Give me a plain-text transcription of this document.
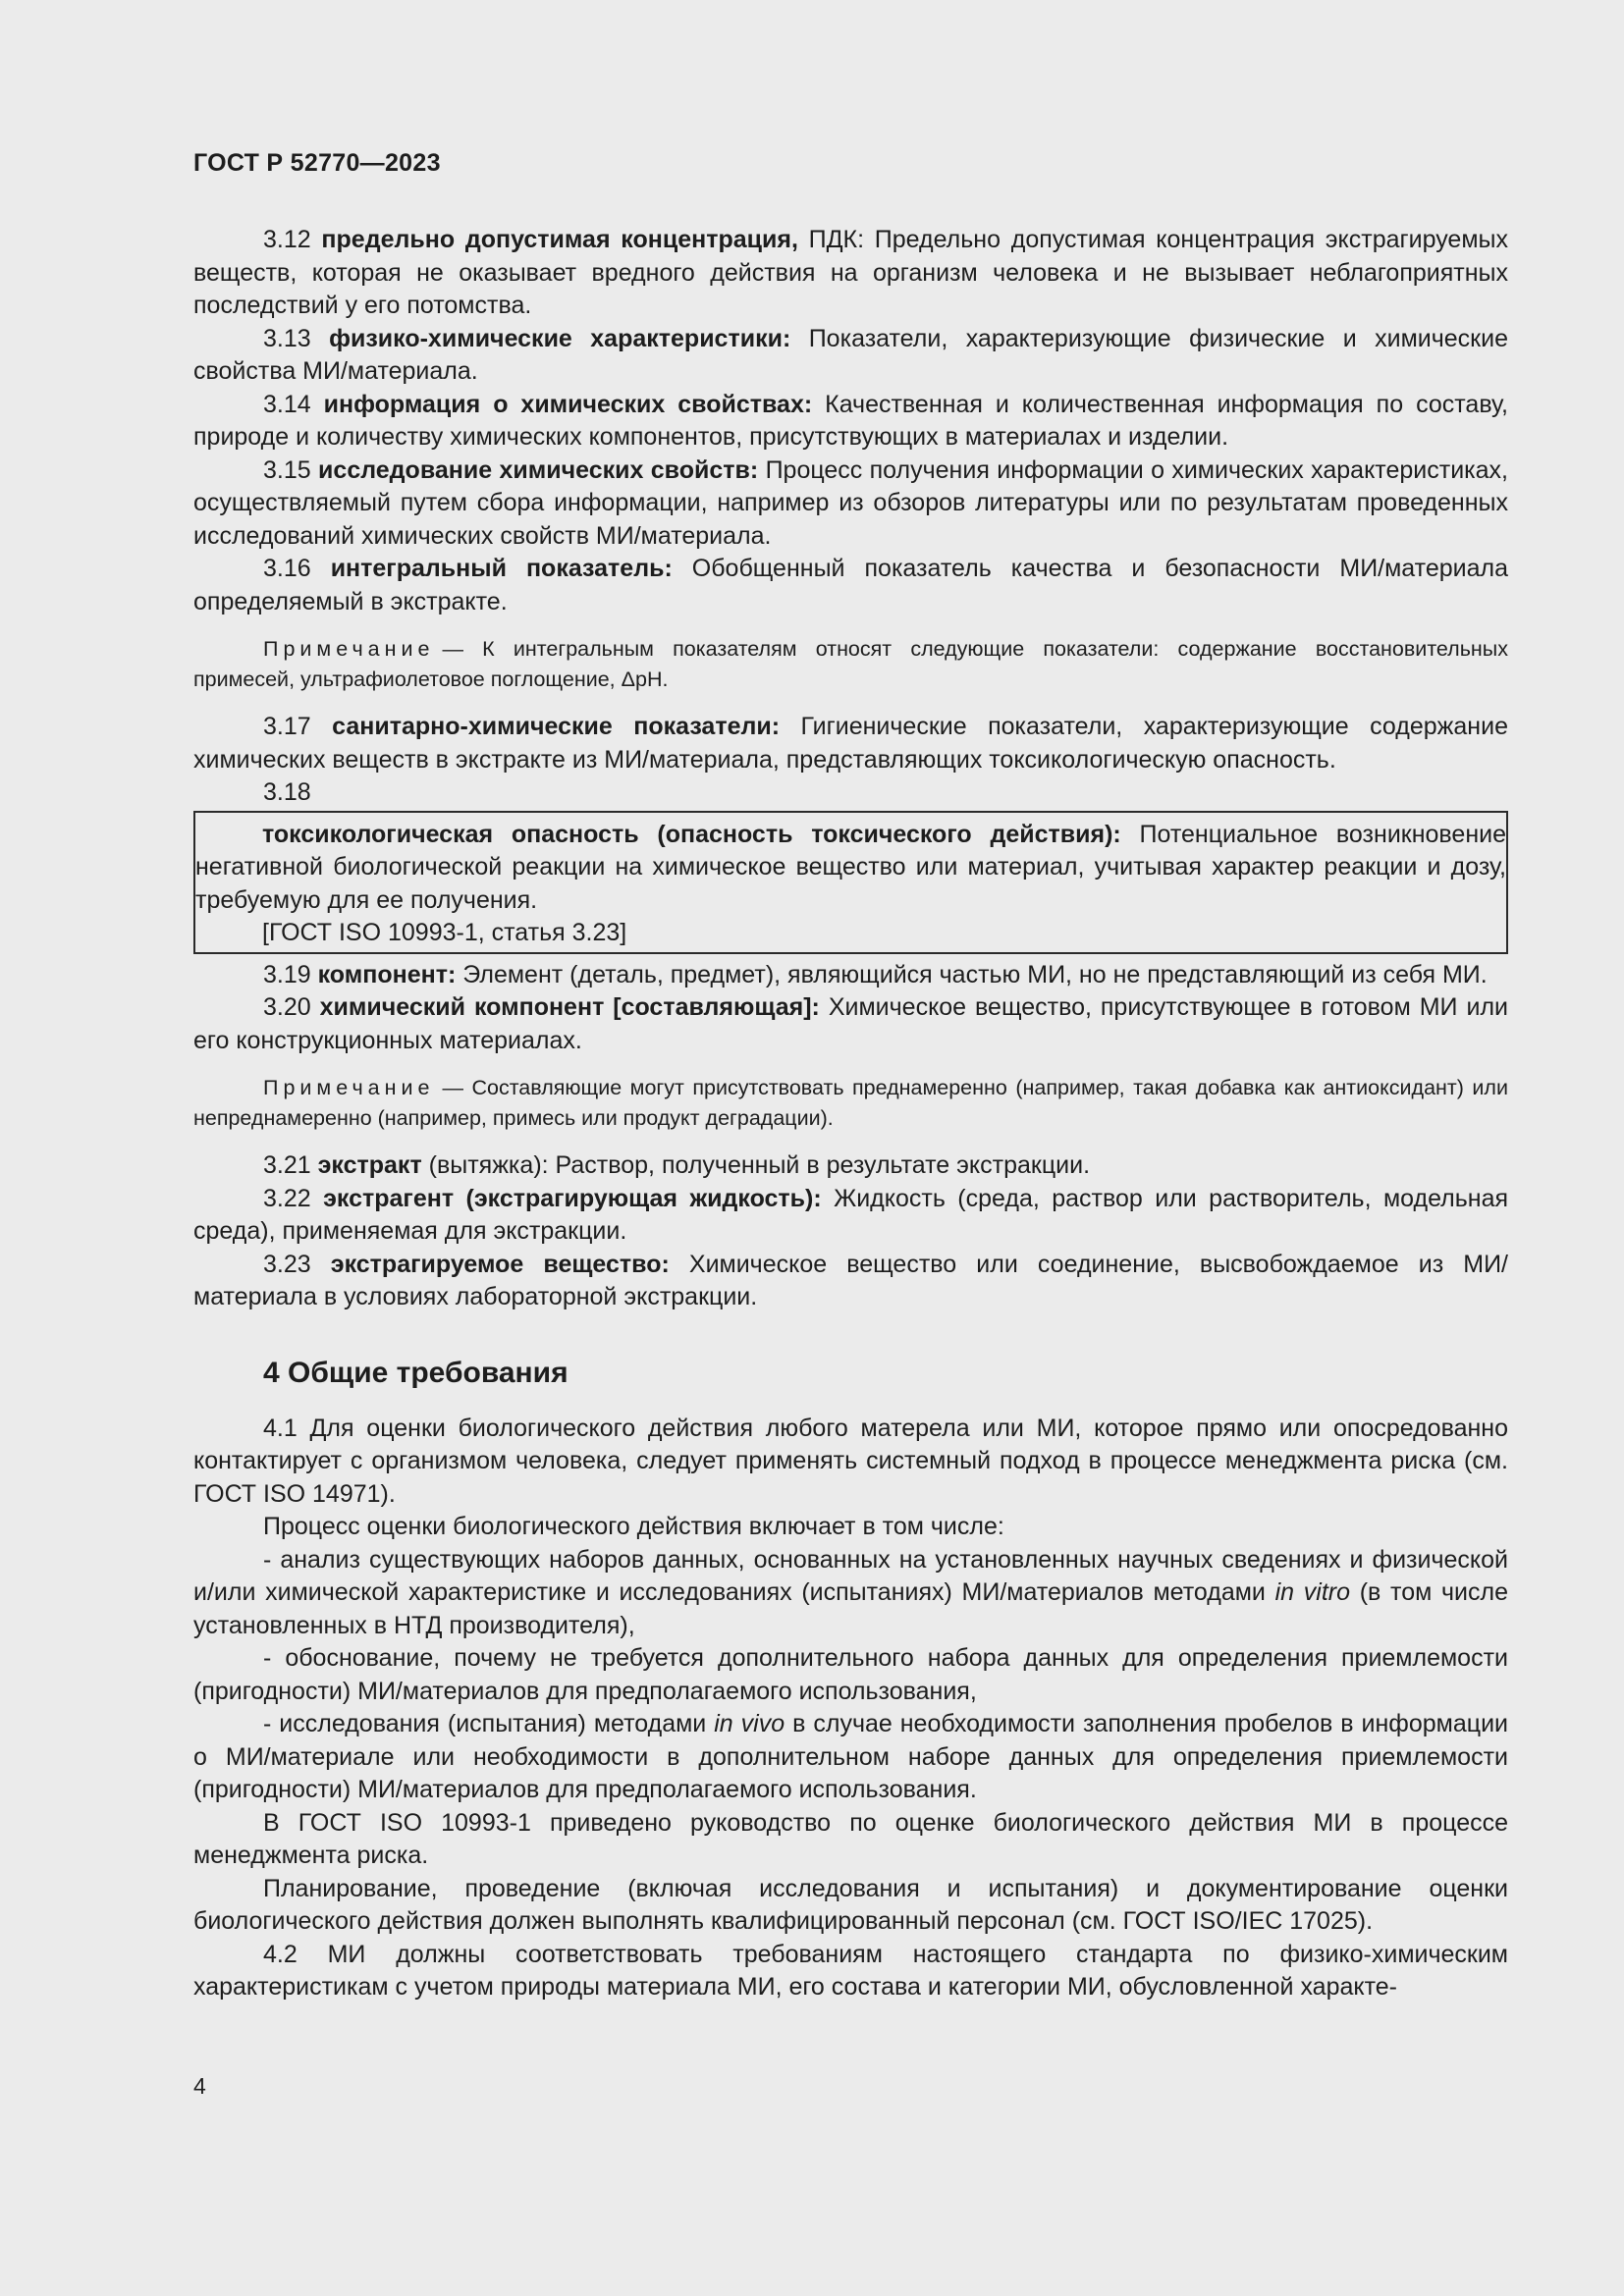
ГОСТ Р 52770—2023

3.12 предельно допустимая концентрация, ПДК: Предельно допустимая концентрация экстрагируемых веществ, которая не оказывает вредного действия на организм человека и не вызывает неблагоприятных последствий у его потомства.

3.13 физико-химические характеристики: Показатели, характеризующие физические и химические свойства МИ/материала.

3.14 информация о химических свойствах: Качественная и количественная информация по составу, природе и количеству химических компонентов, присутствующих в материалах и изделии.

3.15 исследование химических свойств: Процесс получения информации о химических характеристиках, осуществляемый путем сбора информации, например из обзоров литературы или по результатам проведенных исследований химических свойств МИ/материала.

3.16 интегральный показатель: Обобщенный показатель качества и безопасности МИ/материала определяемый в экстракте.

Примечание — К интегральным показателям относят следующие показатели: содержание восстановительных примесей, ультрафиолетовое поглощение, ΔpH.

3.17 санитарно-химические показатели: Гигиенические показатели, характеризующие содержание химических веществ в экстракте из МИ/материала, представляющих токсикологическую опасность.

3.18

токсикологическая опасность (опасность токсического действия): Потенциальное возникновение негативной биологической реакции на химическое вещество или материал, учитывая характер реакции и дозу, требуемую для ее получения.

[ГОСТ ISO 10993-1, статья 3.23]

3.19 компонент: Элемент (деталь, предмет), являющийся частью МИ, но не представляющий из себя МИ.

3.20 химический компонент [составляющая]: Химическое вещество, присутствующее в готовом МИ или его конструкционных материалах.

Примечание — Составляющие могут присутствовать преднамеренно (например, такая добавка как антиоксидант) или непреднамеренно (например, примесь или продукт деградации).

3.21 экстракт (вытяжка): Раствор, полученный в результате экстракции.

3.22 экстрагент (экстрагирующая жидкость): Жидкость (среда, раствор или растворитель, модельная среда), применяемая для экстракции.

3.23 экстрагируемое вещество: Химическое вещество или соединение, высвобождаемое из МИ/материала в условиях лабораторной экстракции.

4 Общие требования

4.1 Для оценки биологического действия любого матерела или МИ, которое прямо или опосредованно контактирует с организмом человека, следует применять системный подход в процессе менеджмента риска (см. ГОСТ ISO 14971).

Процесс оценки биологического действия включает в том числе:

- анализ существующих наборов данных, основанных на установленных научных сведениях и физической и/или химической характеристике и исследованиях (испытаниях) МИ/материалов методами in vitro (в том числе установленных в НТД производителя),

- обоснование, почему не требуется дополнительного набора данных для определения приемлемости (пригодности) МИ/материалов для предполагаемого использования,

- исследования (испытания) методами in vivo в случае необходимости заполнения пробелов в информации о МИ/материале или необходимости в дополнительном наборе данных для определения приемлемости (пригодности) МИ/материалов для предполагаемого использования.

В ГОСТ ISO 10993-1 приведено руководство по оценке биологического действия МИ в процессе менеджмента риска.

Планирование, проведение (включая исследования и испытания) и документирование оценки биологического действия должен выполнять квалифицированный персонал (см. ГОСТ ISO/IEC 17025).

4.2 МИ должны соответствовать требованиям настоящего стандарта по физико-химическим характеристикам с учетом природы материала МИ, его состава и категории МИ, обусловленной характе-

4
